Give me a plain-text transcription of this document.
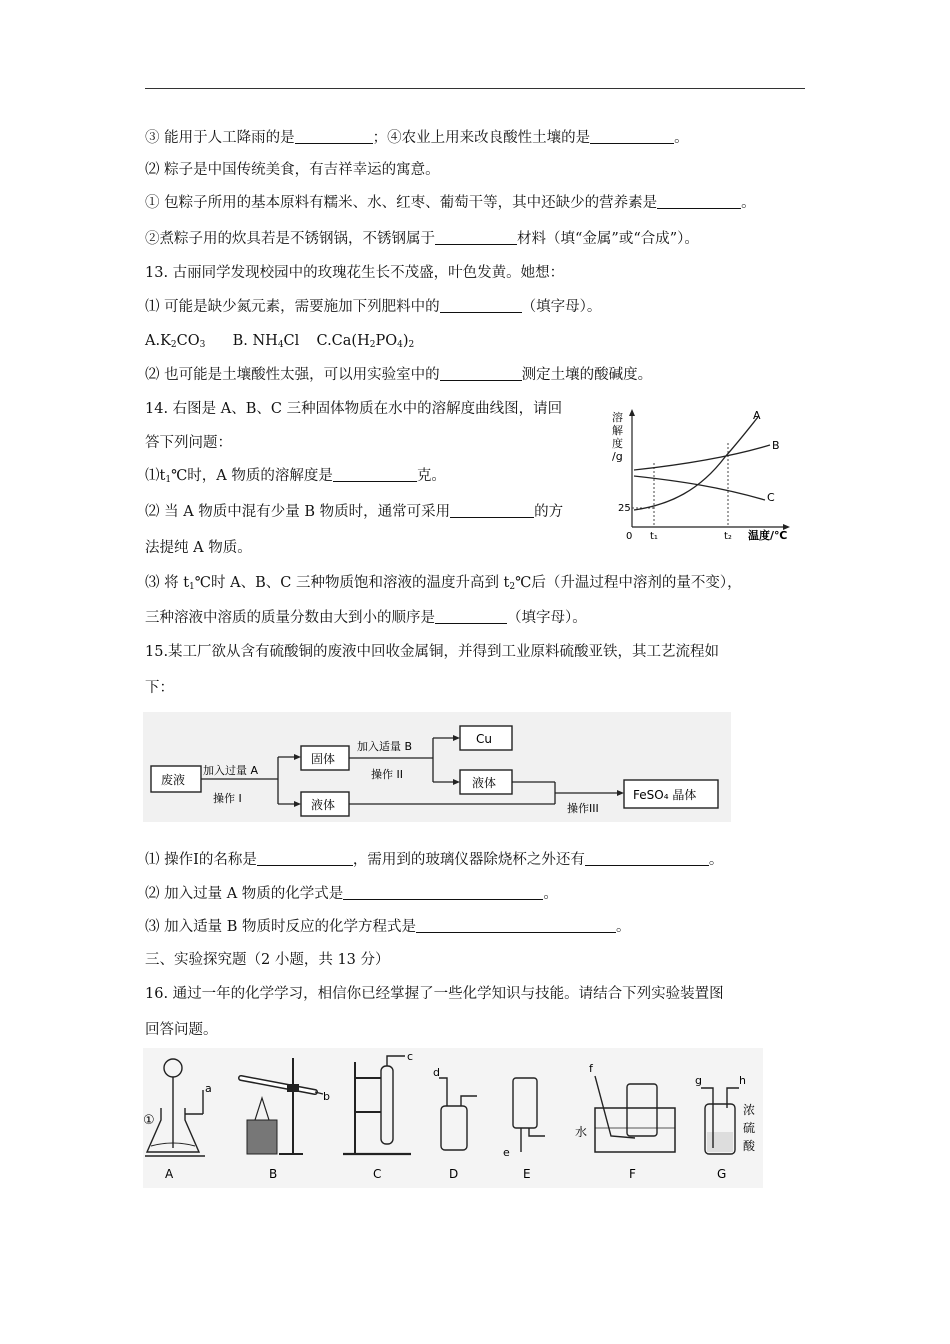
③ 能用于人工降雨的是	；④农业上用来改良酸性土壤的是	。
⑵ 粽子是中国传统美食，有吉祥幸运的寓意。
① 包粽子所用的基本原料有糯米、水、红枣、葡萄干等，其中还缺少的营养素是	。
②煮粽子用的炊具若是不锈钢锅，不锈钢属于	材料（填“金属”或“合成”）。
13. 古丽同学发现校园中的玫瑰花生长不茂盛，叶色发黄。她想：
⑴ 可能是缺少氮元素，需要施加下列肥料中的	（填字母）。
$A.K_2CO_3$ B. $NH_4Cl$ $C.Ca(H_2PO_4)_2$
⑵ 也可能是土壤酸性太强，可以用实验室中的	测定土壤的酸碱度。
14. 右图是 A、B、C 三种固体物质在水中的溶解度曲线图，请回
答下列问题：
$⑴t_1℃$时，A 物质的溶解度是	克。
⑵ 当 A 物质中混有少量 B 物质时，通常可采用	的方
法提纯 A 物质。
⑶ 将 $t_1℃$时 A、B、C 三种物质饱和溶液的温度升高到 $t_2℃$后（升温过程中溶剂的量不变），
三种溶液中溶质的质量分数由大到小的顺序是	（填字母）。
溶
解
度
/g
0 t₁	t₂ 温度/℃
25
A
B
C
15.某工厂欲从含有硫酸铜的废液中回收金属铜，并得到工业原料硫酸亚铁，其工艺流程如
下：
废液
加入过量 A
操作 I
固体
液体
加入适量 B
操作 II
Cu
液体
操作III
FeSO₄ 晶体
⑴ 操作I的名称是	，需用到的玻璃仪器除烧杯之外还有	。
⑵ 加入过量 A 物质的化学式是	。
⑶ 加入适量 B 物质时反应的化学方程式是	。
三、实验探究题（2 小题，共 13 分）
16. 通过一年的化学学习，相信你已经掌握了一些化学知识与技能。请结合下列实验装置图
回答问题。
a
①
A
b
B
c
C
d
D
e
E
f
水
F
g	h
浓
硫
酸
G
